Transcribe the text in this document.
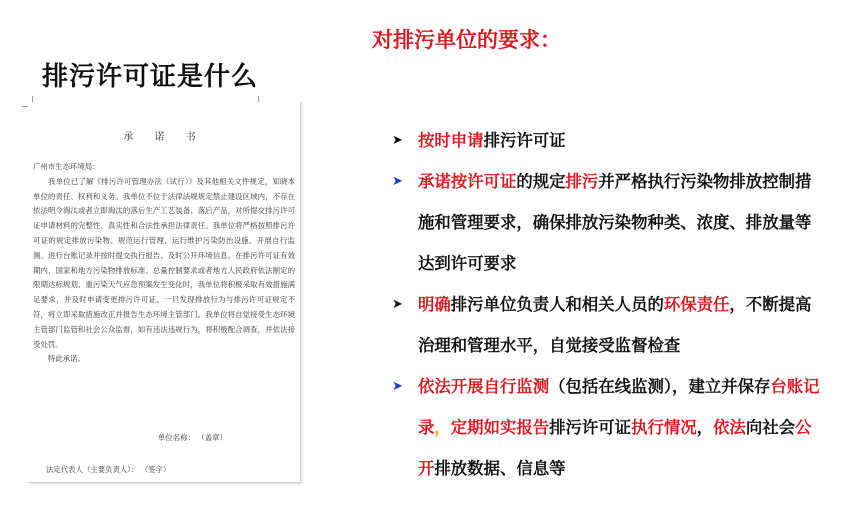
排污许可证是什么
承 诺 书

广州市生态环境局：

我单位已了解《排污许可管理办法（试行）》及其他相关文件规定，知晓本单位的责任、权利和义务。我单位不位于法律法规规定禁止建设区域内，不存在依法明令淘汰或者立即淘汰的落后生产工艺装备、落后产品，对所提交排污许可证申请材料的完整性、真实性和合法性承担法律责任。我单位将严格按照排污许可证的规定排放污染物、规范运行管理、运行维护污染防治设施、开展自行监测、进行台账记录并按时提交执行报告、及时公开环境信息。在排污许可证有效期内，国家和地方污染物排放标准、总量控制要求或者地方人民政府依法制定的限期达标规划、重污染天气应急预案发生变化时，我单位将积极采取有效措施满足要求，并及时申请变更排污许可证。一旦发现排放行为与排污许可证规定不符，将立即采取措施改正并报告生态环境主管部门。我单位将自觉接受生态环境主管部门监管和社会公众监督，如有违法违规行为，将积极配合调查，并依法接受处罚。

特此承诺。

单位名称： （盖章）
法定代表人（主要负责人）： （签字）
对排污单位的要求：
➤ 按时申请排污许可证
➤ 承诺按许可证的规定排污并严格执行污染物排放控制措施和管理要求，确保排放污染物种类、浓度、排放量等达到许可要求
➤ 明确排污单位负责人和相关人员的环保责任，不断提高治理和管理水平，自觉接受监督检查
➤ 依法开展自行监测（包括在线监测），建立并保存台账记录，定期如实报告排污许可证执行情况，依法向社会公开排放数据、信息等
